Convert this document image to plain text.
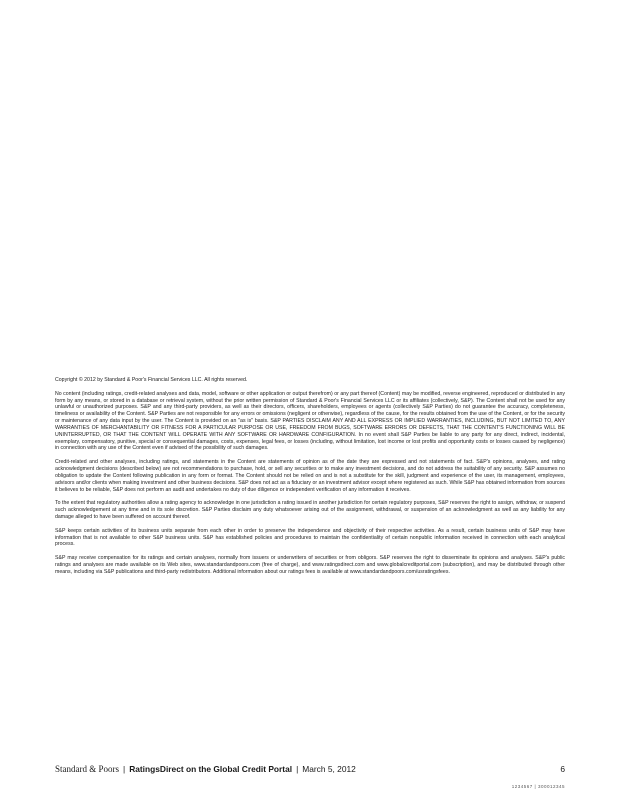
Copyright © 2012 by Standard & Poor's Financial Services LLC. All rights reserved.

No content (including ratings, credit-related analyses and data, model, software or other application or output therefrom) or any part thereof (Content) may be modified, reverse engineered, reproduced or distributed in any form by any means, or stored in a database or retrieval system, without the prior written permission of Standard & Poor's Financial Services LLC or its affiliates (collectively, S&P). The Content shall not be used for any unlawful or unauthorized purposes. S&P and any third-party providers, as well as their directors, officers, shareholders, employees or agents (collectively S&P Parties) do not guarantee the accuracy, completeness, timeliness or availability of the Content. S&P Parties are not responsible for any errors or omissions (negligent or otherwise), regardless of the cause, for the results obtained from the use of the Content, or for the security or maintenance of any data input by the user. The Content is provided on an "as is" basis. S&P PARTIES DISCLAIM ANY AND ALL EXPRESS OR IMPLIED WARRANTIES, INCLUDING, BUT NOT LIMITED TO, ANY WARRANTIES OF MERCHANTABILITY OR FITNESS FOR A PARTICULAR PURPOSE OR USE, FREEDOM FROM BUGS, SOFTWARE ERRORS OR DEFECTS, THAT THE CONTENT'S FUNCTIONING WILL BE UNINTERRUPTED, OR THAT THE CONTENT WILL OPERATE WITH ANY SOFTWARE OR HARDWARE CONFIGURATION. In no event shall S&P Parties be liable to any party for any direct, indirect, incidental, exemplary, compensatory, punitive, special or consequential damages, costs, expenses, legal fees, or losses (including, without limitation, lost income or lost profits and opportunity costs or losses caused by negligence) in connection with any use of the Content even if advised of the possibility of such damages.

Credit-related and other analyses, including ratings, and statements in the Content are statements of opinion as of the date they are expressed and not statements of fact. S&P's opinions, analyses, and rating acknowledgment decisions (described below) are not recommendations to purchase, hold, or sell any securities or to make any investment decisions, and do not address the suitability of any security. S&P assumes no obligation to update the Content following publication in any form or format. The Content should not be relied on and is not a substitute for the skill, judgment and experience of the user, its management, employees, advisors and/or clients when making investment and other business decisions. S&P does not act as a fiduciary or an investment advisor except where registered as such. While S&P has obtained information from sources it believes to be reliable, S&P does not perform an audit and undertakes no duty of due diligence or independent verification of any information it receives.

To the extent that regulatory authorities allow a rating agency to acknowledge in one jurisdiction a rating issued in another jurisdiction for certain regulatory purposes, S&P reserves the right to assign, withdraw, or suspend such acknowledgement at any time and in its sole discretion. S&P Parties disclaim any duty whatsoever arising out of the assignment, withdrawal, or suspension of an acknowledgment as well as any liability for any damage alleged to have been suffered on account thereof.

S&P keeps certain activities of its business units separate from each other in order to preserve the independence and objectivity of their respective activities. As a result, certain business units of S&P may have information that is not available to other S&P business units. S&P has established policies and procedures to maintain the confidentiality of certain nonpublic information received in connection with each analytical process.

S&P may receive compensation for its ratings and certain analyses, normally from issuers or underwriters of securities or from obligors. S&P reserves the right to disseminate its opinions and analyses. S&P's public ratings and analyses are made available on its Web sites, www.standardandpoors.com (free of charge), and www.ratingsdirect.com and www.globalcreditportal.com (subscription), and may be distributed through other means, including via S&P publications and third-party redistributors. Additional information about our ratings fees is available at www.standardandpoors.com/usratingsfees.

Standard & Poors | RatingsDirect on the Global Credit Portal | March 5, 2012	6
1234567 | 300012345
